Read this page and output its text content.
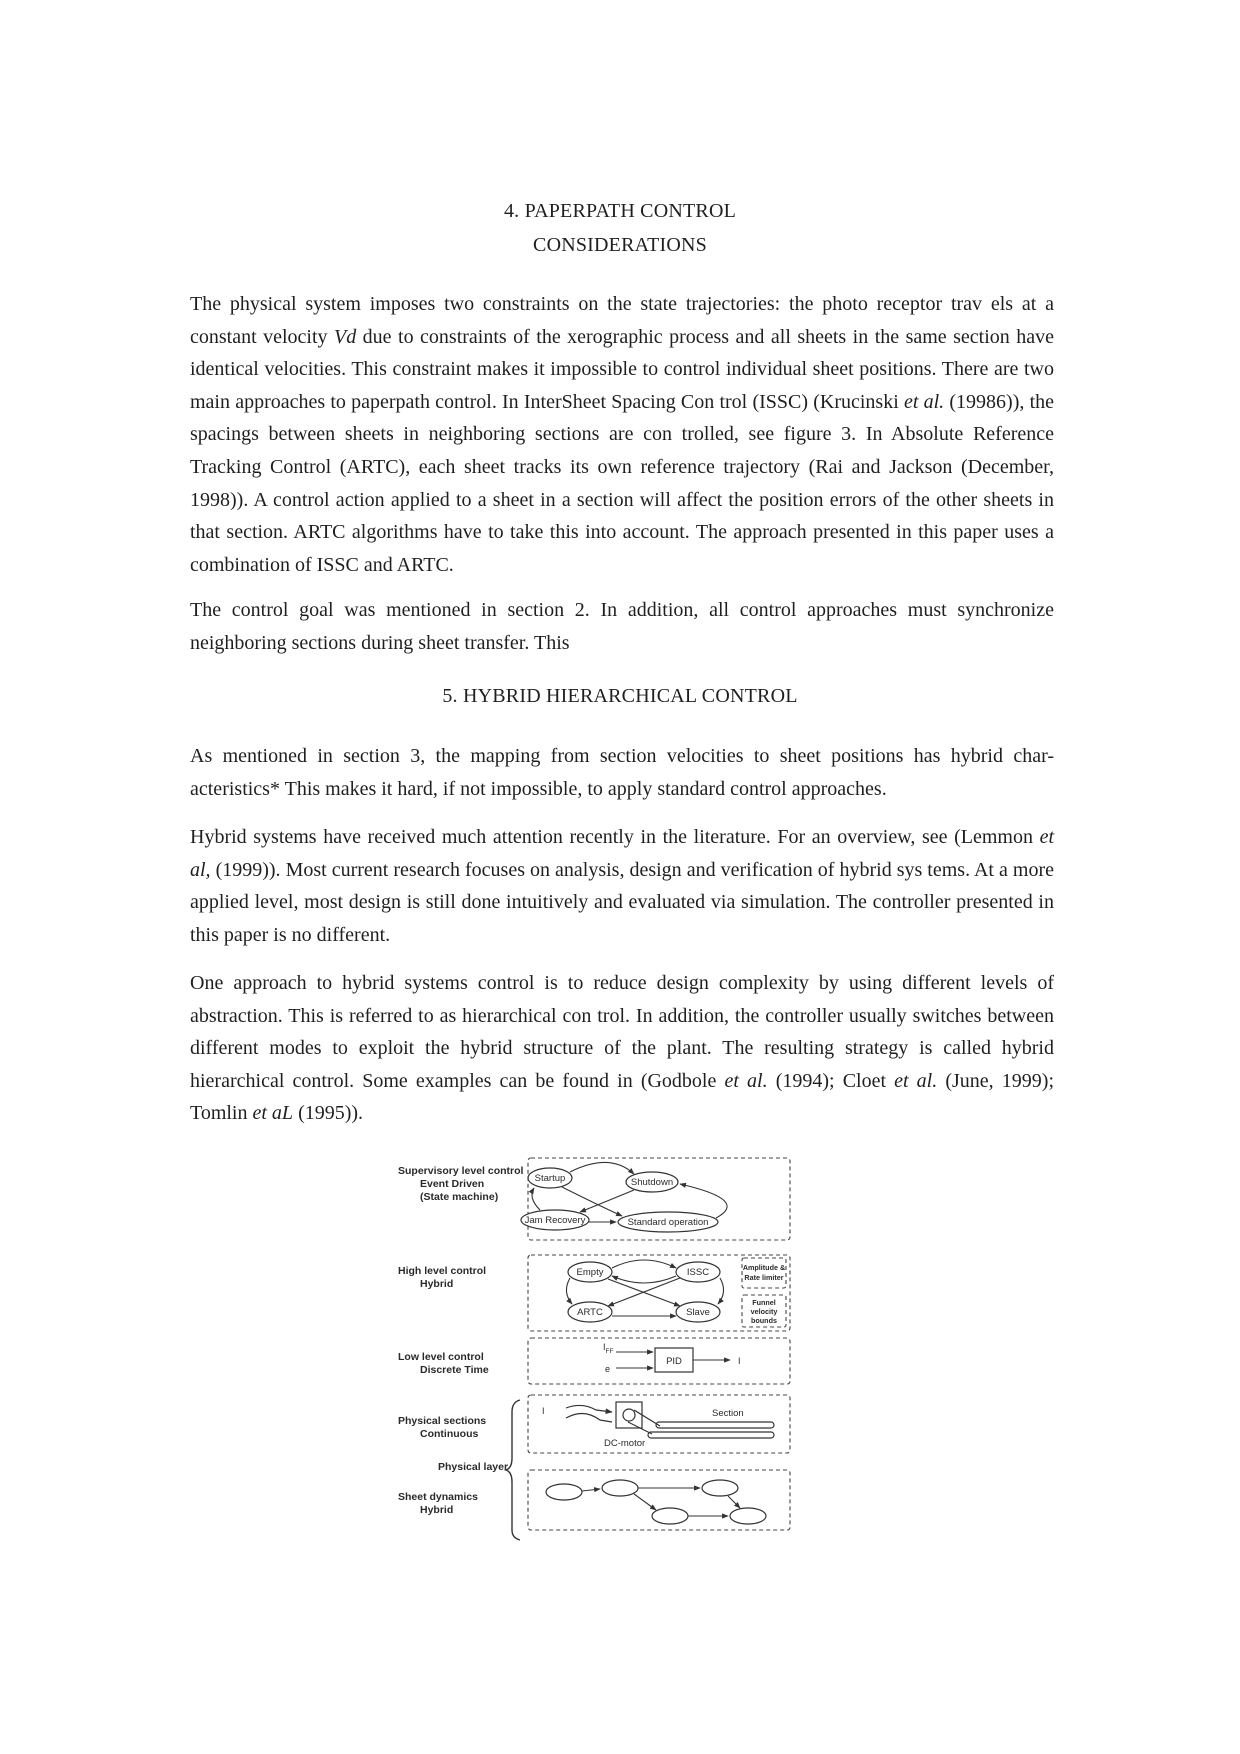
4. PAPERPATH CONTROL
CONSIDERATIONS

The physical system imposes two constraints on the state trajectories: the photo receptor trav els at a constant velocity Vd due to constraints of the xerographic process and all sheets in the same section have identical velocities. This constraint makes it impossible to control individual sheet positions. There are two main approaches to paperpath control. In InterSheet Spacing Con trol (ISSC) (Krucinski et al. (19986)), the spacings between sheets in neighboring sections are con trolled, see figure 3. In Absolute Reference Tracking Control (ARTC), each sheet tracks its own reference trajectory (Rai and Jackson (December, 1998)). A control action applied to a sheet in a section will affect the position errors of the other sheets in that section. ARTC algorithms have to take this into account. The approach presented in this paper uses a combination of ISSC and ARTC.

The control goal was mentioned in section 2. In addition, all control approaches must synchronize neighboring sections during sheet transfer. This

5. HYBRID HIERARCHICAL CONTROL

As mentioned in section 3, the mapping from section velocities to sheet positions has hybrid char-acteristics* This makes it hard, if not impossible, to apply standard control approaches.

Hybrid systems have received much attention recently in the literature. For an overview, see (Lemmon et al, (1999)). Most current research focuses on analysis, design and verification of hybrid sys tems. At a more applied level, most design is still done intuitively and evaluated via simulation. The controller presented in this paper is no different.

One approach to hybrid systems control is to reduce design complexity by using different levels of abstraction. This is referred to as hierarchical con trol. In addition, the controller usually switches between different modes to exploit the hybrid structure of the plant. The resulting strategy is called hybrid hierarchical control. Some examples can be found in (Godbole et al. (1994); Cloet et al. (June, 1999); Tomlin et aL (1995)).

Supervisory level control
Event Driven
(State machine)
High level control
Hybrid
Low level control
Discrete Time
Physical sections
Continuous
Physical layer
Sheet dynamics
Hybrid
Startup	Shutdown
Jam Recovery	Standard operation
Empty	ISSC
ARTC	Slave
Amplitude &
Rate limiter
Funnel
velocity
bounds
$I_{FF}$
e
I
PID
I
DC-motor
Section
